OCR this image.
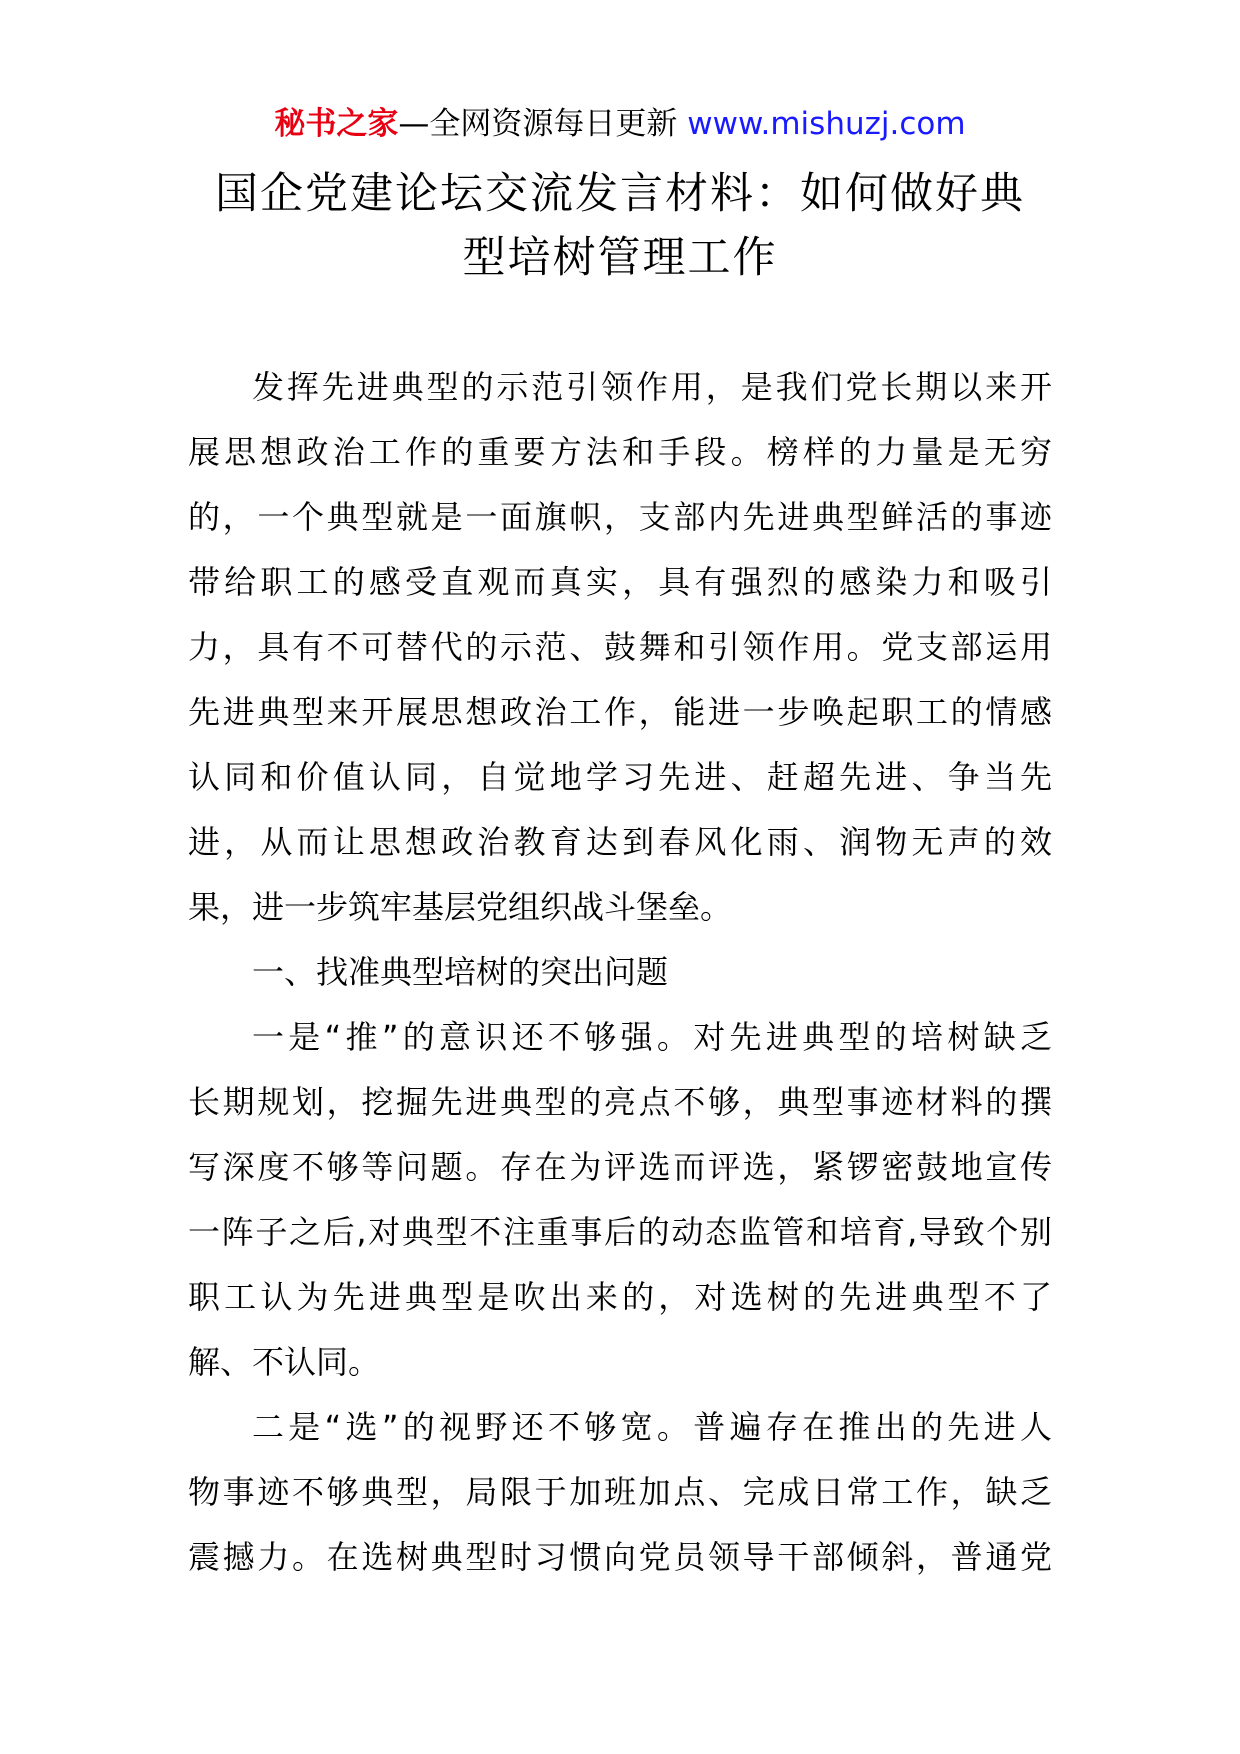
秘书之家—全网资源每日更新 www.mishuzj.com
国企党建论坛交流发言材料：如何做好典
型培树管理工作
发挥先进典型的示范引领作用，是我们党长期以来开
展思想政治工作的重要方法和手段。榜样的力量是无穷
的，一个典型就是一面旗帜，支部内先进典型鲜活的事迹
带给职工的感受直观而真实，具有强烈的感染力和吸引
力，具有不可替代的示范、鼓舞和引领作用。党支部运用
先进典型来开展思想政治工作，能进一步唤起职工的情感
认同和价值认同，自觉地学习先进、赶超先进、争当先
进，从而让思想政治教育达到春风化雨、润物无声的效
果，进一步筑牢基层党组织战斗堡垒。
一、找准典型培树的突出问题
一是“推”的意识还不够强。对先进典型的培树缺乏
长期规划，挖掘先进典型的亮点不够，典型事迹材料的撰
写深度不够等问题。存在为评选而评选，紧锣密鼓地宣传
一阵子之后,对典型不注重事后的动态监管和培育,导致个别
职工认为先进典型是吹出来的，对选树的先进典型不了
解、不认同。
二是“选”的视野还不够宽。普遍存在推出的先进人
物事迹不够典型，局限于加班加点、完成日常工作，缺乏
震撼力。在选树典型时习惯向党员领导干部倾斜，普通党
